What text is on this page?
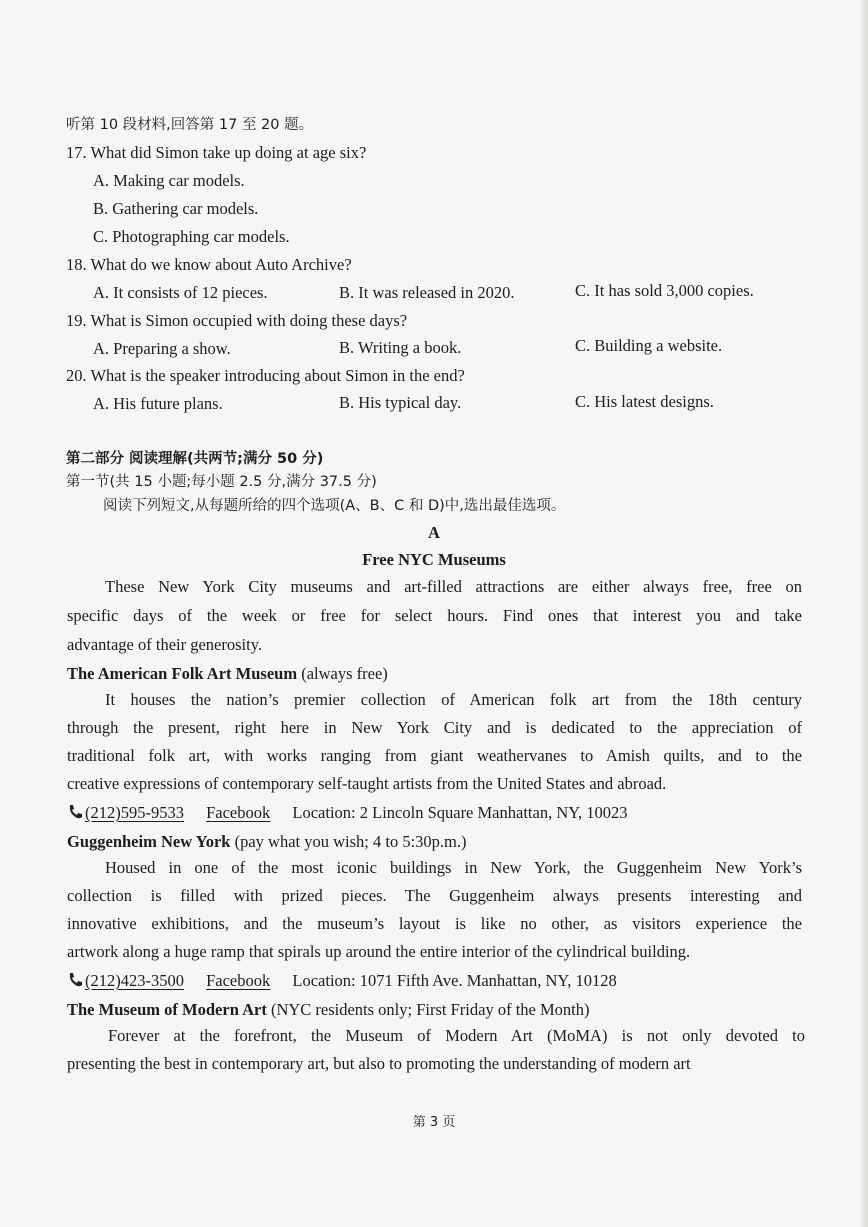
听第 10 段材料,回答第 17 至 20 题。
17. What did Simon take up doing at age six?
A. Making car models.
B. Gathering car models.
C. Photographing car models.
18. What do we know about Auto Archive?
A. It consists of 12 pieces.	B. It was released in 2020.	C. It has sold 3,000 copies.
19. What is Simon occupied with doing these days?
A. Preparing a show.	B. Writing a book.	C. Building a website.
20. What is the speaker introducing about Simon in the end?
A. His future plans.	B. His typical day.	C. His latest designs.
第二部分 阅读理解(共两节;满分 50 分)
第一节(共 15 小题;每小题 2.5 分,满分 37.5 分)
阅读下列短文,从每题所给的四个选项(A、B、C 和 D)中,选出最佳选项。
A
Free NYC Museums
These New York City museums and art-filled attractions are either always free, free on
specific days of the week or free for select hours. Find ones that interest you and take
advantage of their generosity.
The American Folk Art Museum (always free)
It houses the nation’s premier collection of American folk art from the 18th century
through the present, right here in New York City and is dedicated to the appreciation of
traditional folk art, with works ranging from giant weathervanes to Amish quilts, and to the
creative expressions of contemporary self-taught artists from the United States and abroad.
(212)595-9533 Facebook Location: 2 Lincoln Square Manhattan, NY, 10023
Guggenheim New York (pay what you wish; 4 to 5:30p.m.)
Housed in one of the most iconic buildings in New York, the Guggenheim New York’s
collection is filled with prized pieces. The Guggenheim always presents interesting and
innovative exhibitions, and the museum’s layout is like no other, as visitors experience the
artwork along a huge ramp that spirals up around the entire interior of the cylindrical building.
(212)423-3500 Facebook Location: 1071 Fifth Ave. Manhattan, NY, 10128
The Museum of Modern Art (NYC residents only; First Friday of the Month)
Forever at the forefront, the Museum of Modern Art (MoMA) is not only devoted to
presenting the best in contemporary art, but also to promoting the understanding of modern art
第 3 页
